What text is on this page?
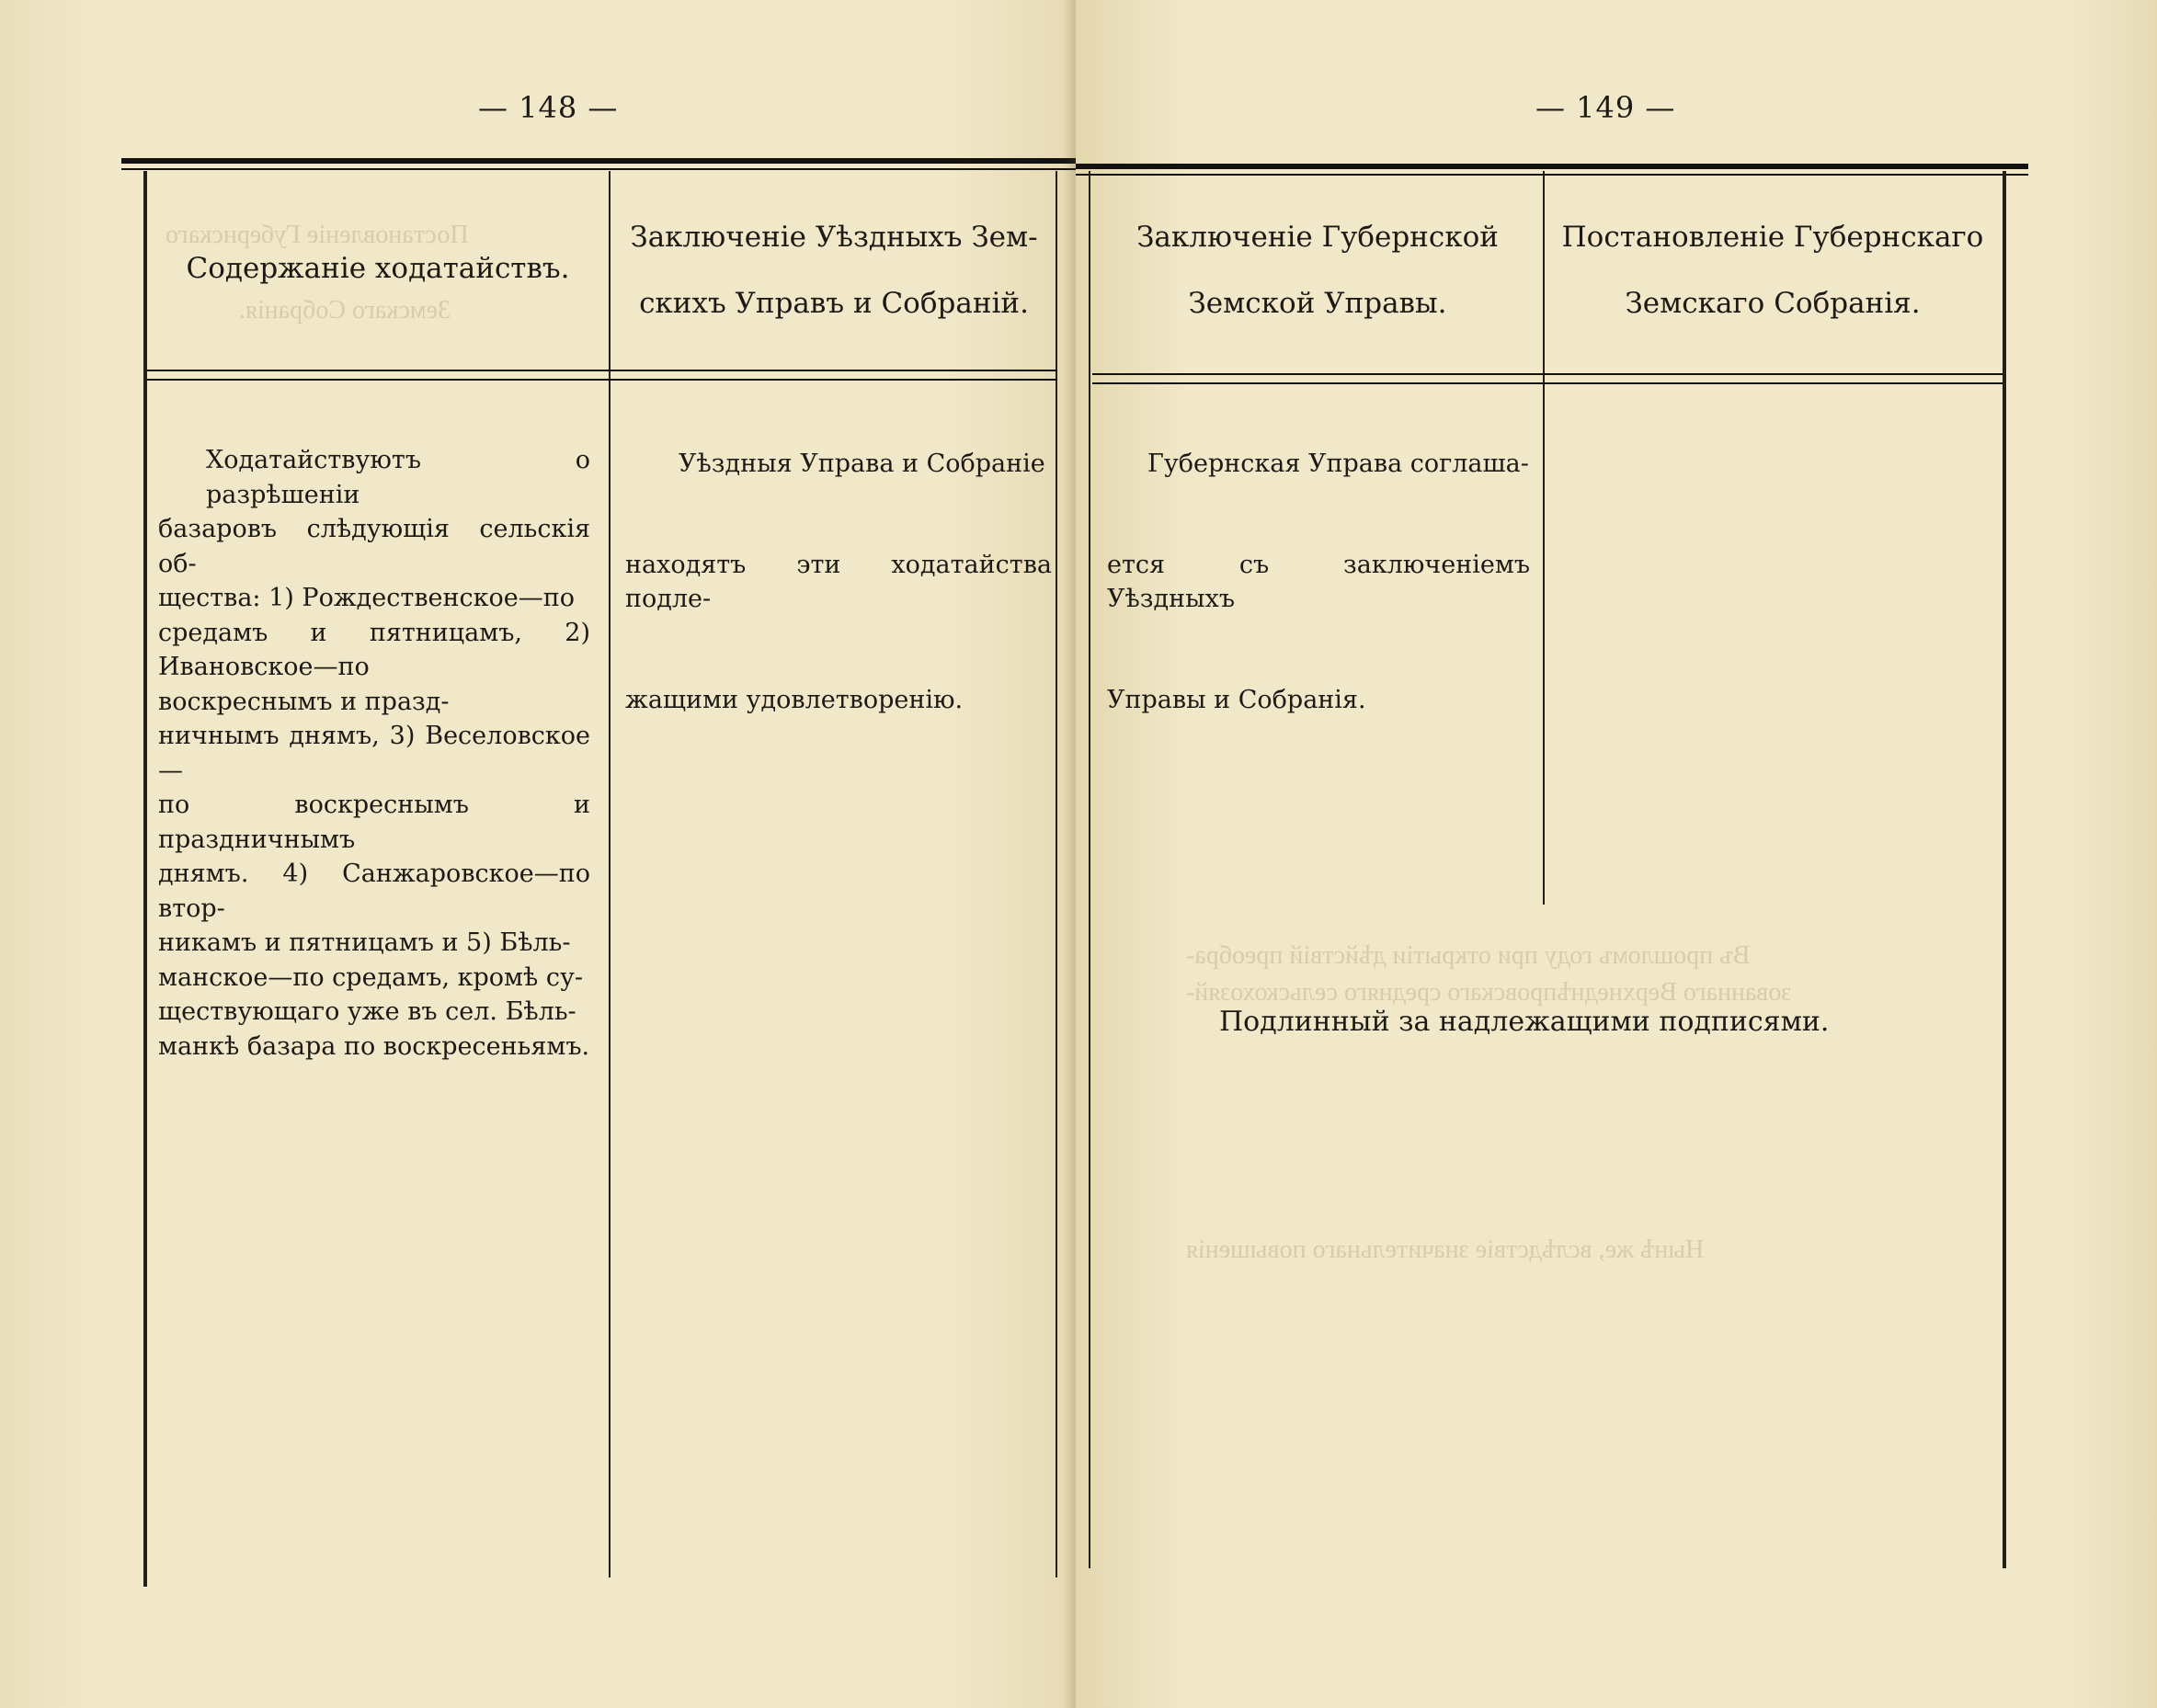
Постановленіе Губернскаго
Земскаго Собранія.
— 148 —
Содержаніе ходатайствъ.
Заключеніе Уѣздныхъ Зем-
скихъ Управъ и Собраній.
Ходатайствуютъ о разрѣшеніи
базаровъ слѣдующія сельскія об-
щества: 1) Рождественское—по
средамъ и пятницамъ, 2) Ивановское—по
воскреснымъ и празд-
ничнымъ днямъ, 3) Веселовское—
по воскреснымъ и праздничнымъ
днямъ. 4) Санжаровское—по втор-
никамъ и пятницамъ и 5) Бѣль-
манское—по средамъ, кромѣ су-
ществующаго уже въ сел. Бѣль-
манкѣ базара по воскресеньямъ.
Уѣздныя Управа и Собраніе
находятъ эти ходатайства подле-
жащими удовлетворенію.
Въ прошломъ году при открытіи дѣйствій преобра-
зованнаго Верхнеднѣпровскаго средняго сельскохозяй-
Нынѣ же, вслѣдствіе значительнаго повышенія
— 149 —
Заключеніе Губернской
Земской Управы.
Постановленіе Губернскаго
Земскаго Собранія.
Губернская Управа соглаша-
ется съ заключеніемъ Уѣздныхъ
Управы и Собранія.
Подлинный за надлежащими подписями.
